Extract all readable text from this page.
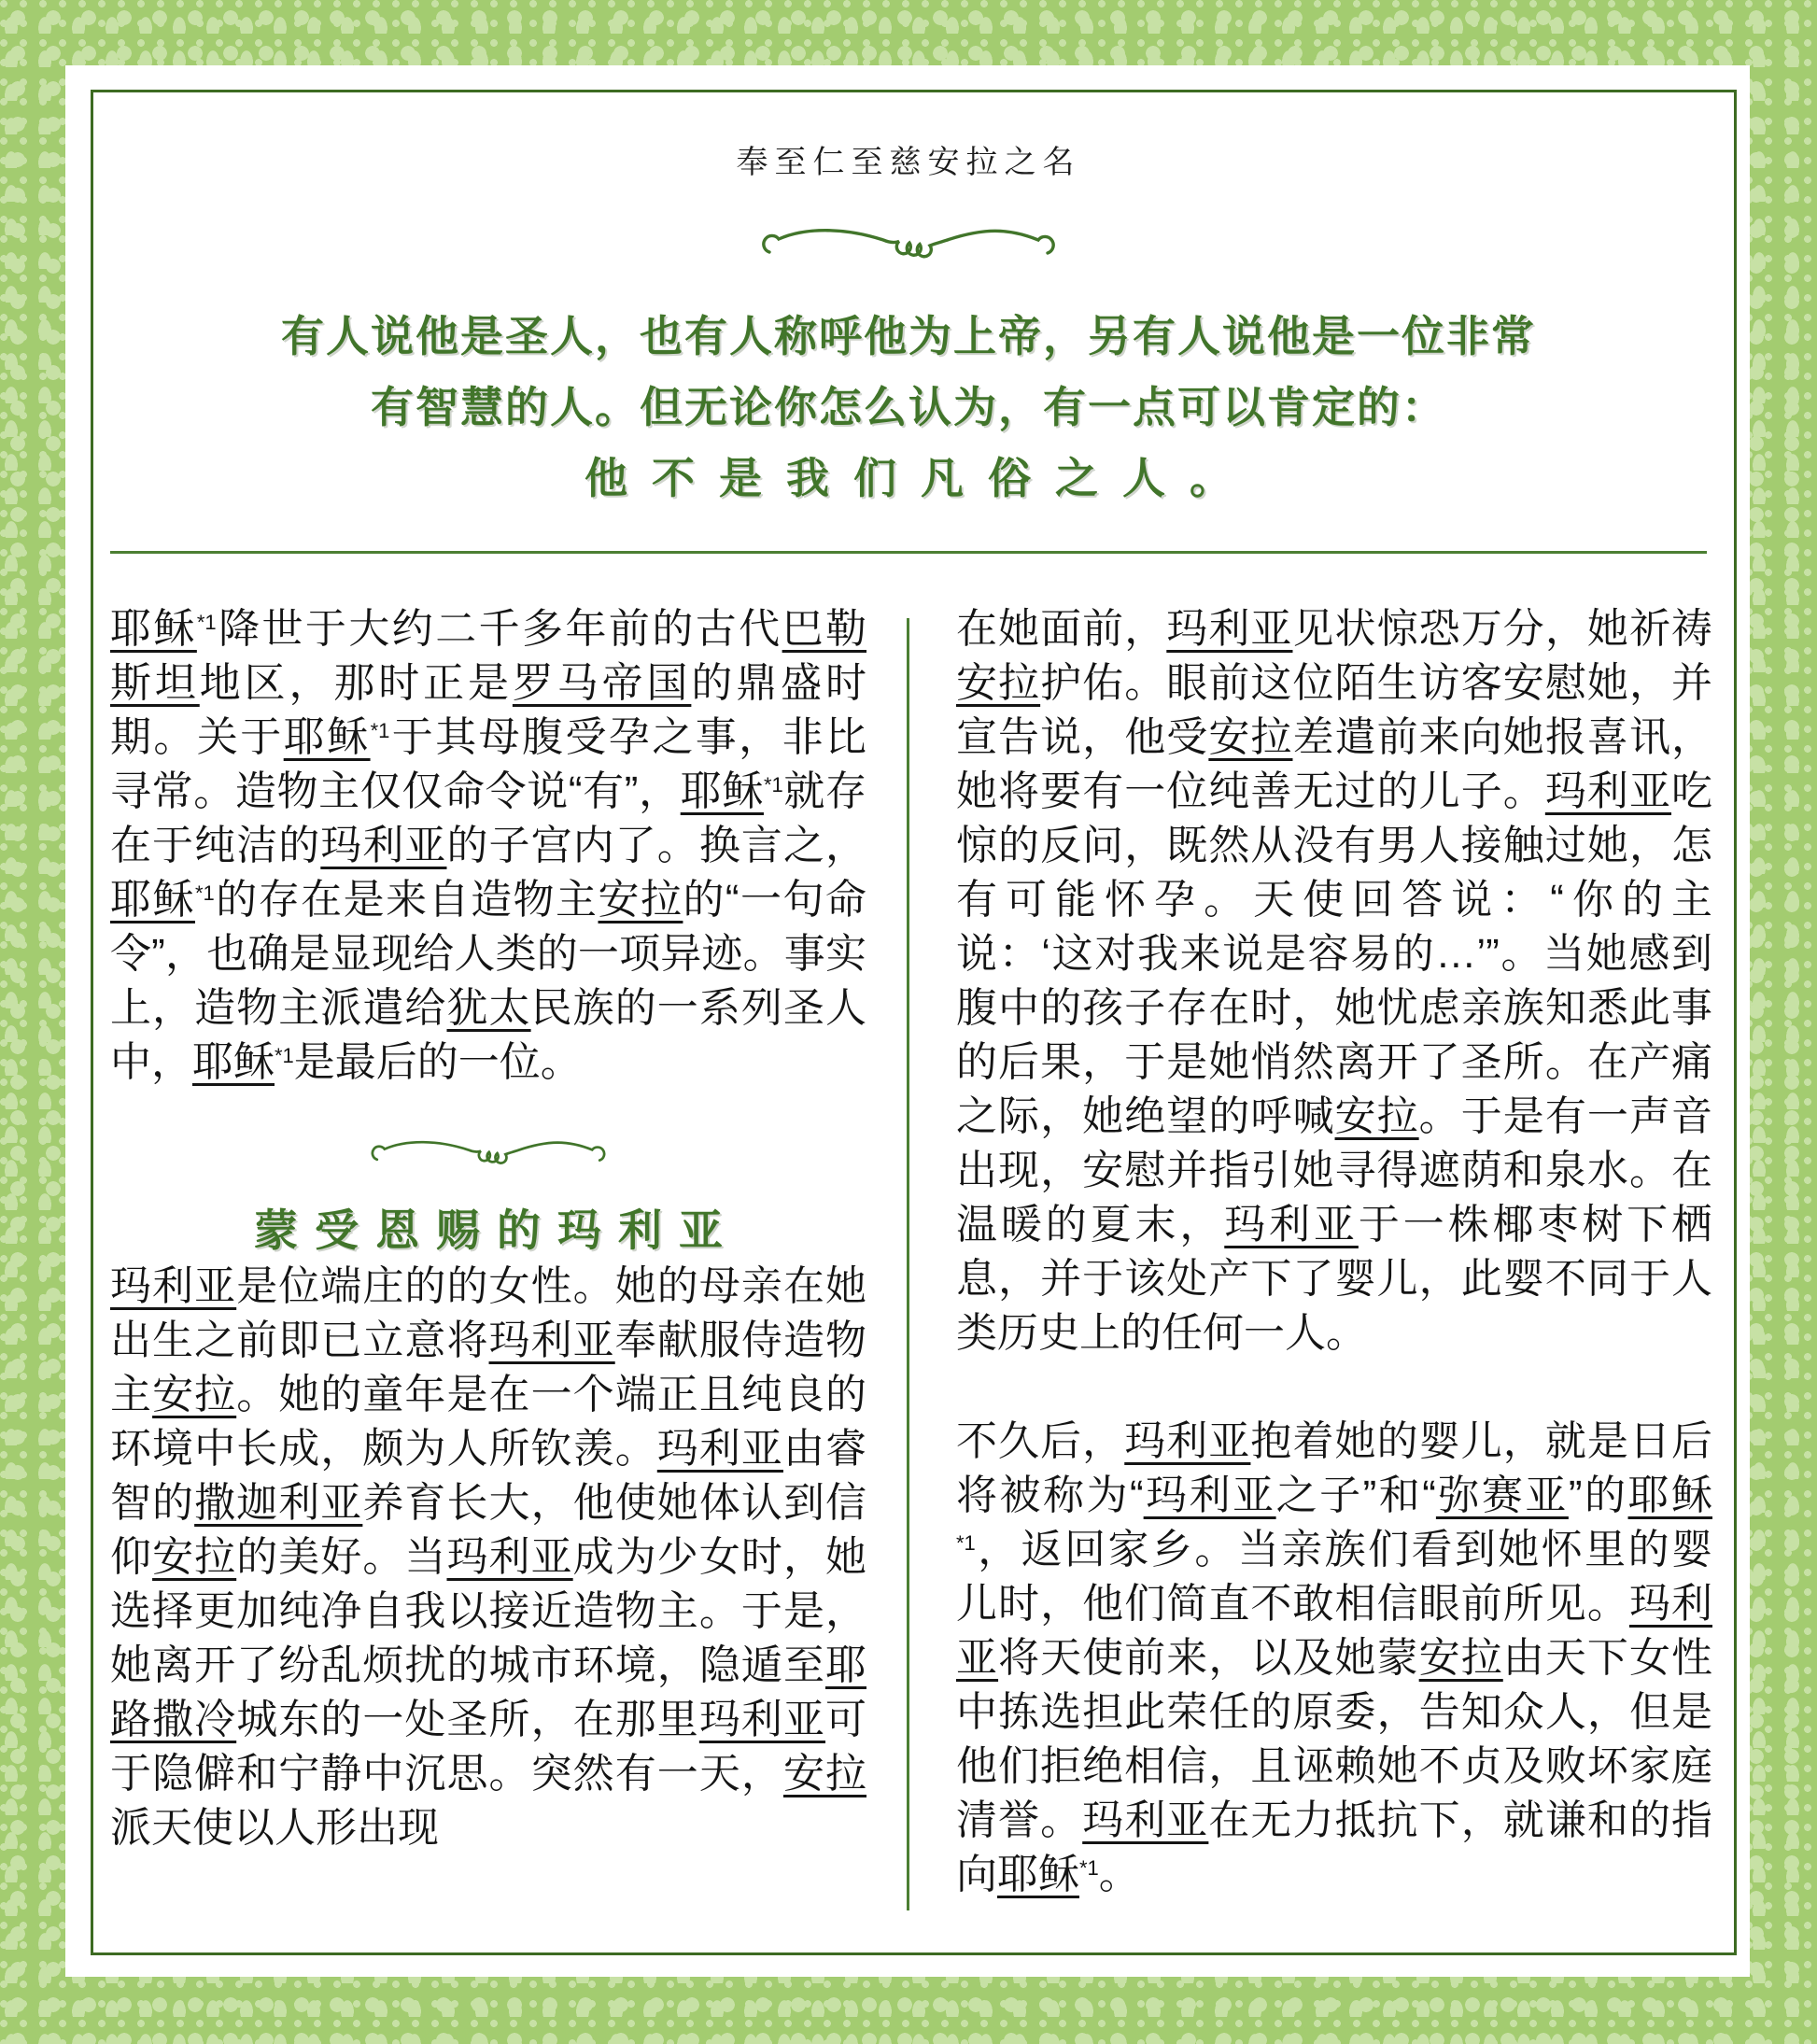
奉至仁至慈安拉之名
有人说他是圣人，也有人称呼他为上帝，另有人说他是一位非常
有智慧的人。但无论你怎么认为，有一点可以肯定的：
他不是我们凡俗之人。

耶稣$^{*1}$降世于大约二千多年前的古代巴勒斯坦地区，那时正是罗马帝国的鼎盛时期。关于耶稣$^{*1}$于其母腹受孕之事，非比寻常。造物主仅仅命令说“有”，耶稣$^{*1}$就存在于纯洁的玛利亚的子宫内了。换言之，耶稣$^{*1}$的存在是来自造物主安拉的“一句命令”，也确是显现给人类的一项异迹。事实上，造物主派遣给犹太民族的一系列圣人中，耶稣$^{*1}$是最后的一位。

蒙受恩赐的玛利亚

玛利亚是位端庄的的女性。她的母亲在她出生之前即已立意将玛利亚奉献服侍造物主安拉。她的童年是在一个端正且纯良的环境中长成，颇为人所钦羡。玛利亚由睿智的撒迦利亚养育长大，他使她体认到信仰安拉的美好。当玛利亚成为少女时，她选择更加纯净自我以接近造物主。于是，她离开了纷乱烦扰的城市环境，隐遁至耶路撒冷城东的一处圣所，在那里玛利亚可于隐僻和宁静中沉思。突然有一天，安拉派天使以人形出现

在她面前，玛利亚见状惊恐万分，她祈祷安拉护佑。眼前这位陌生访客安慰她，并宣告说，他受安拉差遣前来向她报喜讯，她将要有一位纯善无过的儿子。玛利亚吃惊的反问，既然从没有男人接触过她，怎有可能怀孕。天使回答说：“你的主说：‘这对我来说是容易的…’”。当她感到腹中的孩子存在时，她忧虑亲族知悉此事的后果，于是她悄然离开了圣所。在产痛之际，她绝望的呼喊安拉。于是有一声音出现，安慰并指引她寻得遮荫和泉水。在温暖的夏末，玛利亚于一株椰枣树下栖息，并于该处产下了婴儿，此婴不同于人类历史上的任何一人。

不久后，玛利亚抱着她的婴儿，就是日后将被称为“玛利亚之子”和“弥赛亚”的耶稣$^{*1}$，返回家乡。当亲族们看到她怀里的婴儿时，他们简直不敢相信眼前所见。玛利亚将天使前来，以及她蒙安拉由天下女性中拣选担此荣任的原委，告知众人，但是他们拒绝相信，且诬赖她不贞及败坏家庭清誉。玛利亚在无力抵抗下，就谦和的指向耶稣$^{*1}$。
